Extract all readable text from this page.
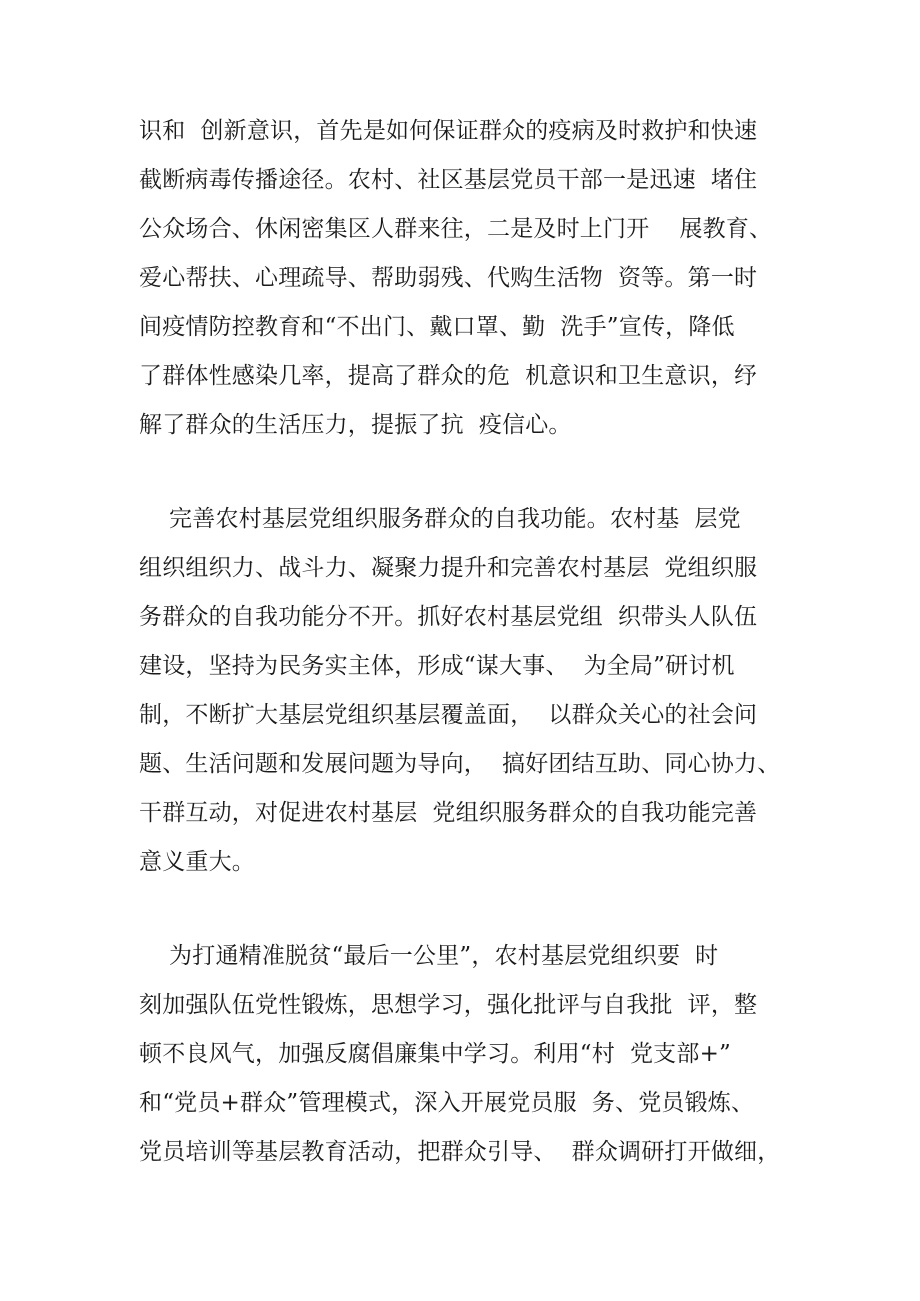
识和  创新意识，首先是如何保证群众的疫病及时救护和快速
截断病毒传播途径。农村、社区基层党员干部一是迅速  堵住
公众场合、休闲密集区人群来往，二是及时上门开    展教育、
爱心帮扶、心理疏导、帮助弱残、代购生活物  资等。第一时
间疫情防控教育和“不出门、戴口罩、勤  洗手”宣传，降低
了群体性感染几率，提高了群众的危  机意识和卫生意识，纾
解了群众的生活压力，提振了抗  疫信心。
完善农村基层党组织服务群众的自我功能。农村基  层党
组织组织力、战斗力、凝聚力提升和完善农村基层  党组织服
务群众的自我功能分不开。抓好农村基层党组  织带头人队伍
建设，坚持为民务实主体，形成“谋大事、  为全局”研讨机
制，不断扩大基层党组织基层覆盖面，  以群众关心的社会问
题、生活问题和发展问题为导向，  搞好团结互助、同心协力、
干群互动，对促进农村基层  党组织服务群众的自我功能完善
意义重大。
为打通精准脱贫“最后一公里”，农村基层党组织要  时
刻加强队伍党性锻炼，思想学习，强化批评与自我批  评，整
顿不良风气，加强反腐倡廉集中学习。利用“村  党支部+”
和“党员+群众”管理模式，深入开展党员服  务、党员锻炼、
党员培训等基层教育活动，把群众引导、  群众调研打开做细，
